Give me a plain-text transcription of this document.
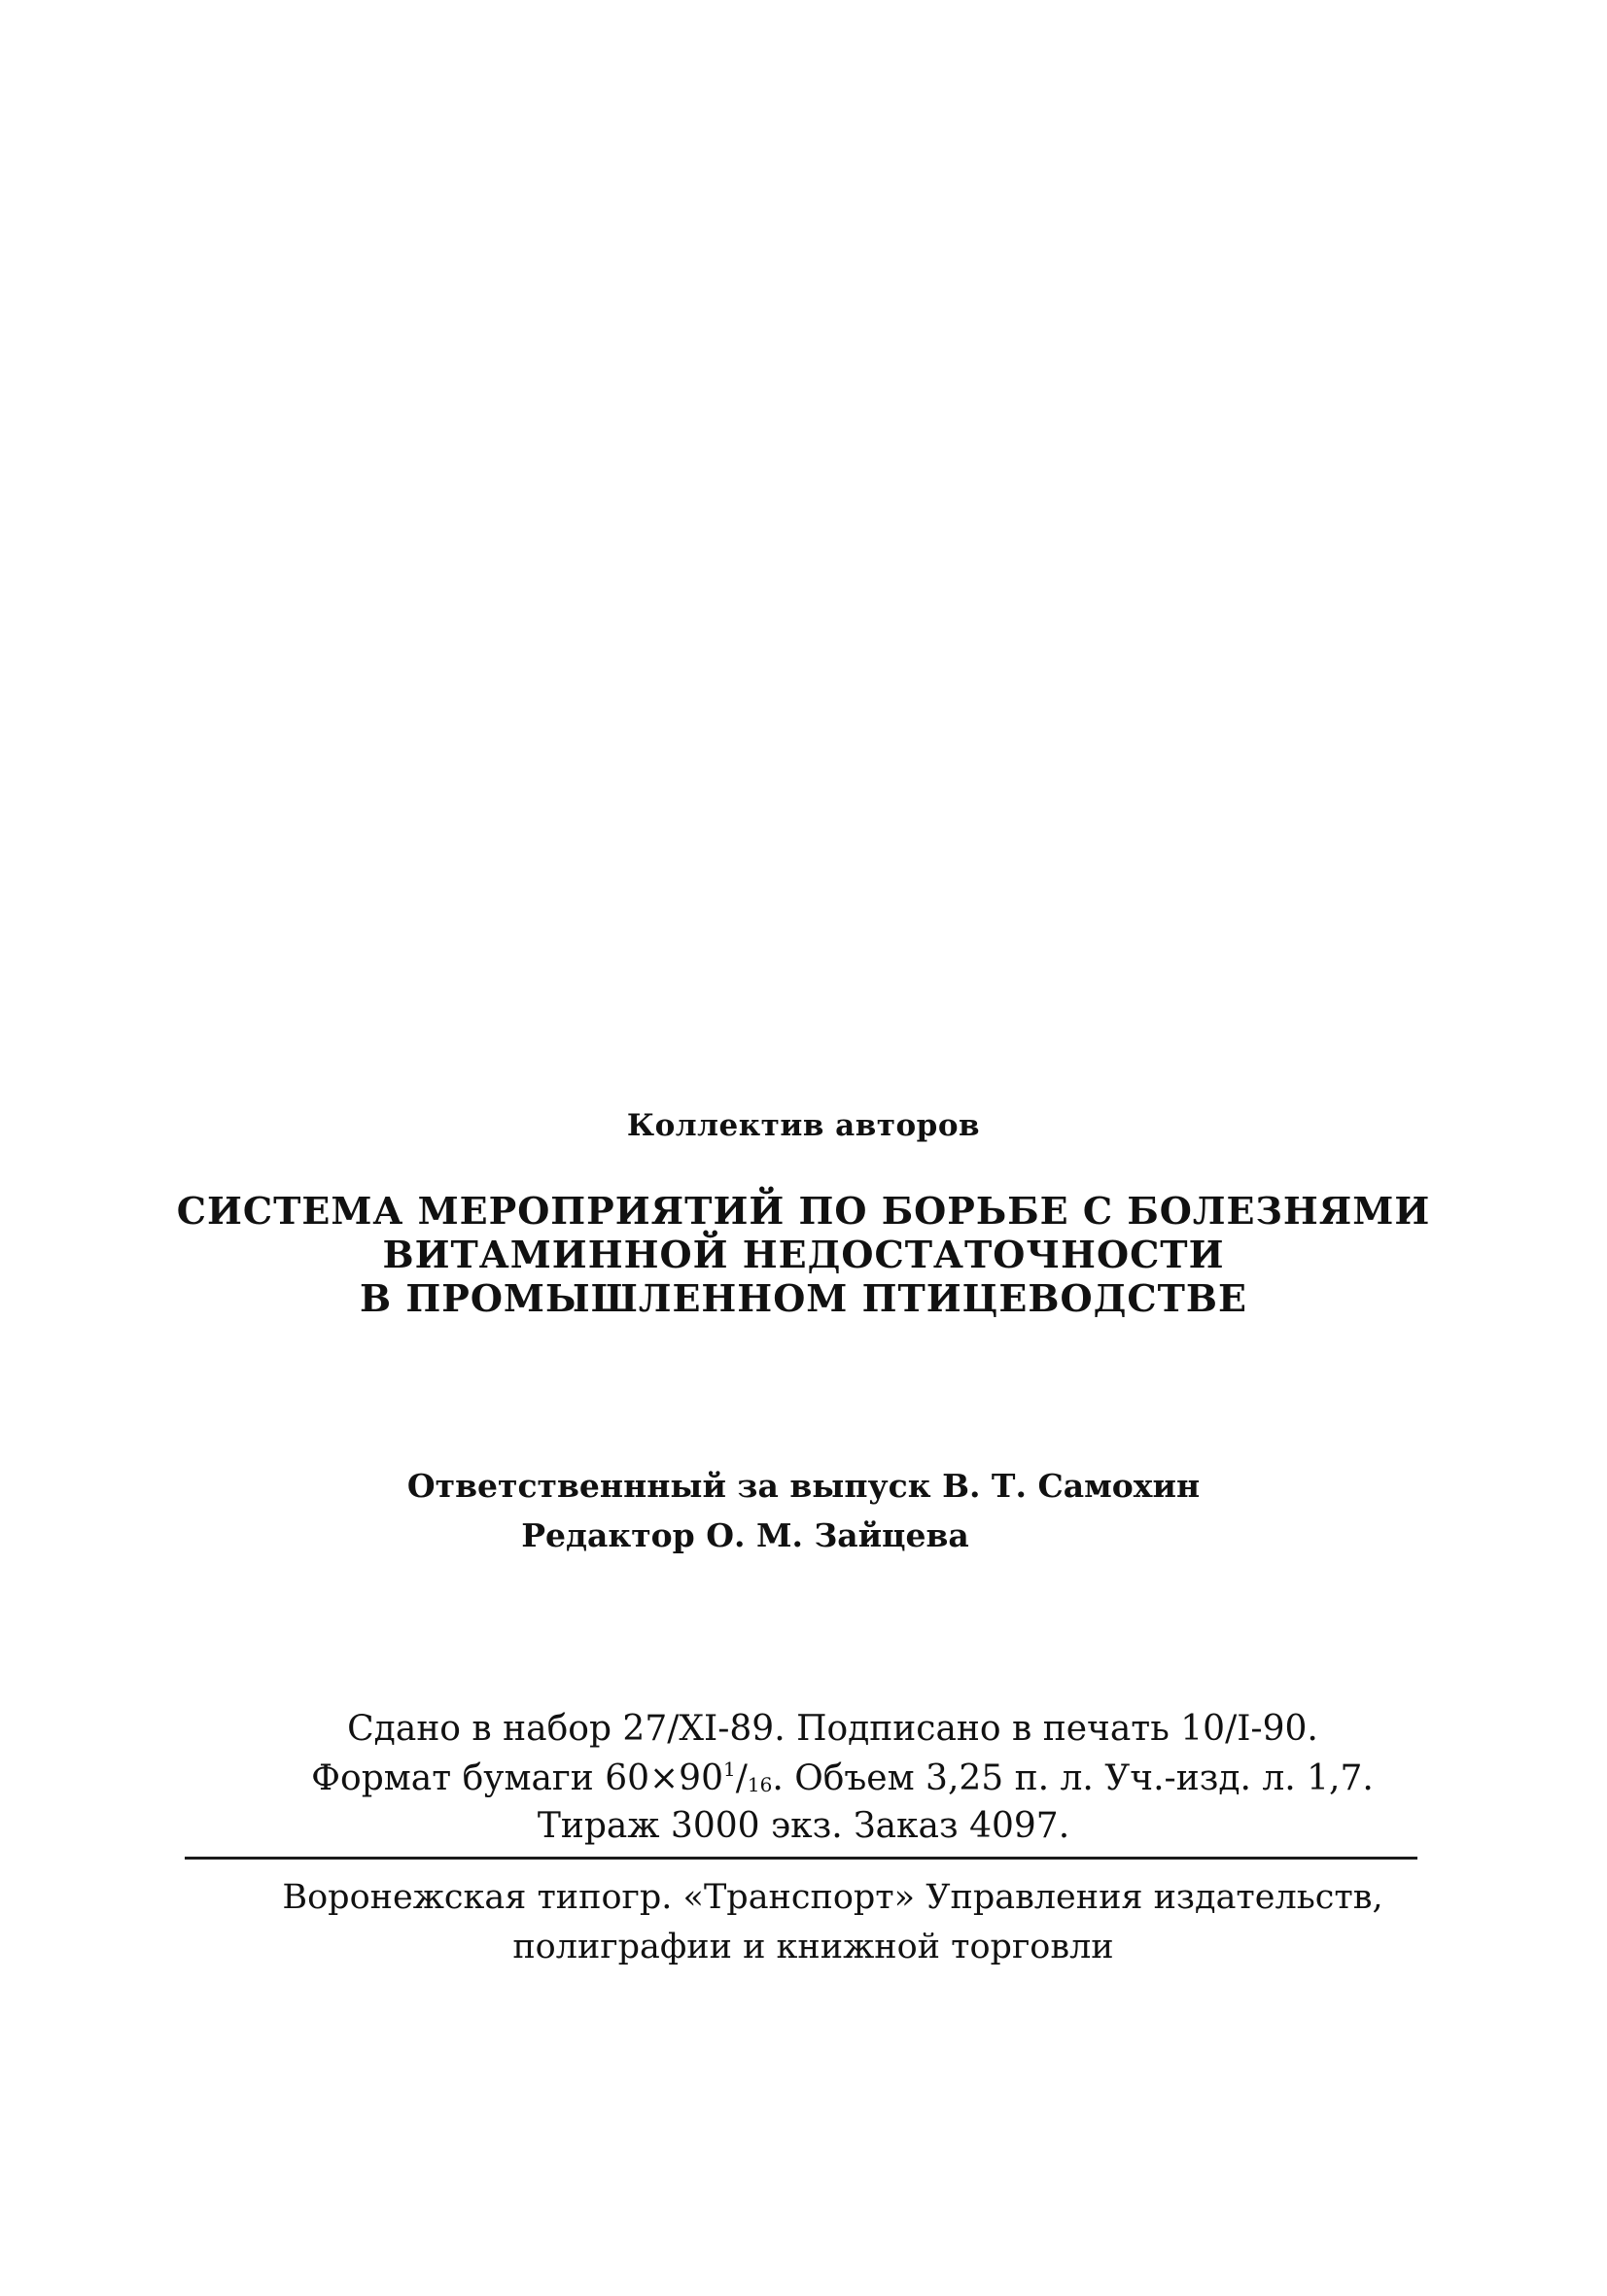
Коллектив авторов
СИСТЕМА МЕРОПРИЯТИЙ ПО БОРЬБЕ С БОЛЕЗНЯМИ
ВИТАМИННОЙ НЕДОСТАТОЧНОСТИ
В ПРОМЫШЛЕННОМ ПТИЦЕВОДСТВЕ
Ответственнный за выпуск В. Т. Самохин
Редактор О. М. Зайцева
Сдано в набор 27/XI-89. Подписано в печать 10/I-90.
Формат бумаги $60\times 90^1/_{16}$. Объем 3,25 п. л. Уч.-изд. л. 1,7.
Тираж 3000 экз. Заказ 4097.
Воронежская типогр. «Транспорт» Управления издательств,
полиграфии и книжной торговли
